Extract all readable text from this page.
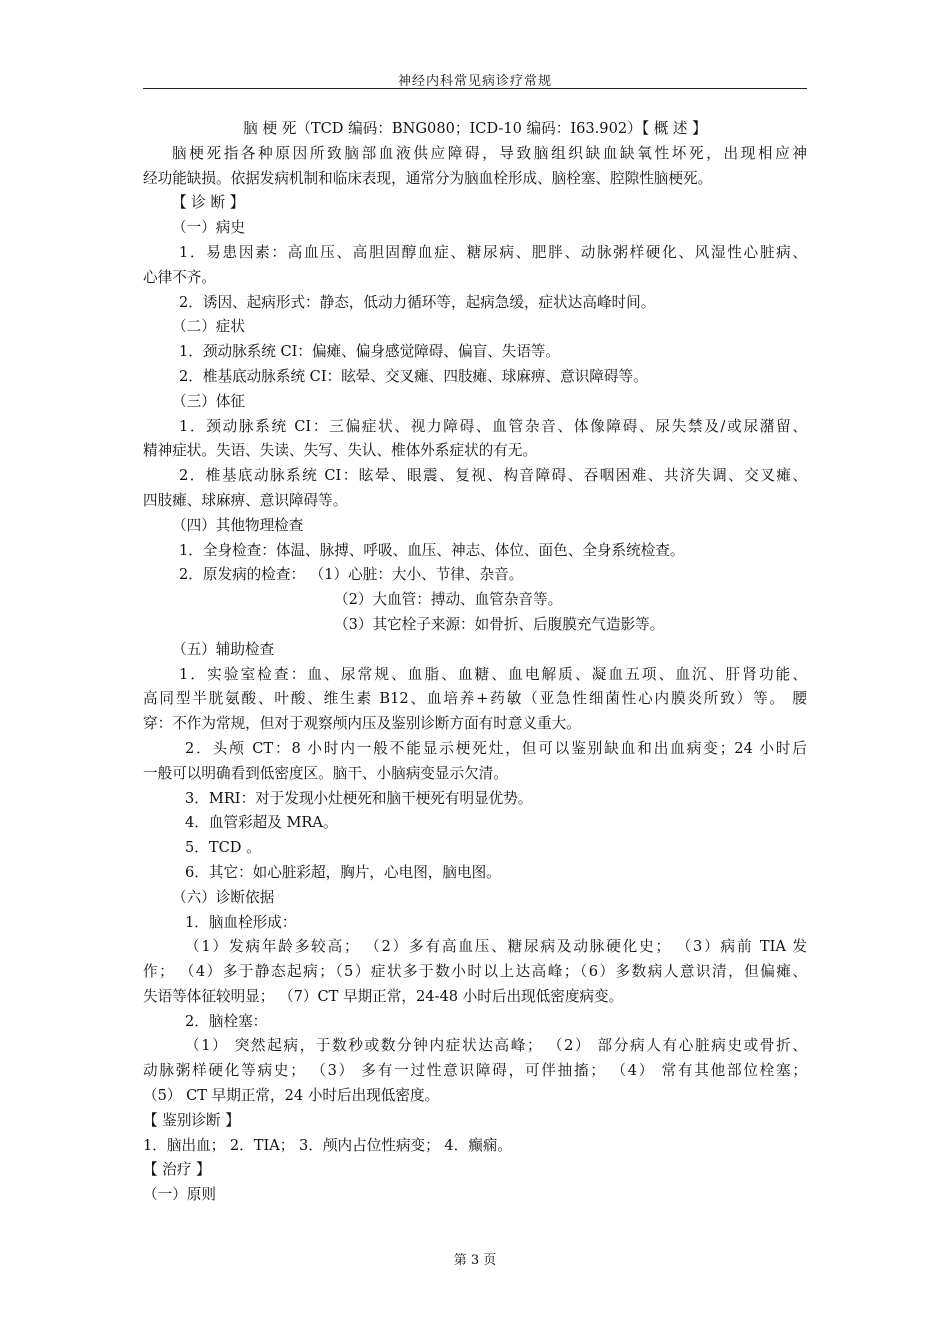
神经内科常见病诊疗常规
脑 梗 死（TCD 编码：BNG080；ICD-10 编码：I63.902）【 概 述 】
脑梗死指各种原因所致脑部血液供应障碍，导致脑组织缺血缺氧性坏死，出现相应神
经功能缺损。依据发病机制和临床表现，通常分为脑血栓形成、脑栓塞、腔隙性脑梗死。
【 诊 断 】
（一）病史
1．易患因素：高血压、高胆固醇血症、糖尿病、肥胖、动脉粥样硬化、风湿性心脏病、
心律不齐。
2．诱因、起病形式：静态，低动力循环等，起病急缓，症状达高峰时间。
（二）症状
1．颈动脉系统 CI：偏瘫、偏身感觉障碍、偏盲、失语等。
2．椎基底动脉系统 CI：眩晕、交叉瘫、四肢瘫、球麻痹、意识障碍等。
（三）体征
1．颈动脉系统 CI：三偏症状、视力障碍、血管杂音、体像障碍、尿失禁及/或尿潴留、
精神症状。失语、失读、失写、失认、椎体外系症状的有无。
2．椎基底动脉系统 CI：眩晕、眼震、复视、构音障碍、吞咽困难、共济失调、交叉瘫、
四肢瘫、球麻痹、意识障碍等。
（四）其他物理检查
1．全身检查：体温、脉搏、呼吸、血压、神志、体位、面色、全身系统检查。
2．原发病的检查： （1）心脏：大小、节律、杂音。
（2）大血管：搏动、血管杂音等。
（3）其它栓子来源：如骨折、后腹膜充气造影等。
（五）辅助检查
1．实验室检查：血、尿常规、血脂、血糖、血电解质、凝血五项、血沉、肝肾功能、
高同型半胱氨酸、叶酸、维生素 B12、血培养+药敏（亚急性细菌性心内膜炎所致）等。 腰
穿：不作为常规，但对于观察颅内压及鉴别诊断方面有时意义重大。
2．头颅 CT：8 小时内一般不能显示梗死灶，但可以鉴别缺血和出血病变；24 小时后
一般可以明确看到低密度区。脑干、小脑病变显示欠清。
3．MRI：对于发现小灶梗死和脑干梗死有明显优势。
4．血管彩超及 MRA。
5．TCD 。
6．其它：如心脏彩超，胸片，心电图，脑电图。
（六）诊断依据
1．脑血栓形成：
（1）发病年龄多较高； （2）多有高血压、糖尿病及动脉硬化史； （3）病前 TIA 发
作； （4）多于静态起病；（5）症状多于数小时以上达高峰；（6）多数病人意识清，但偏瘫、
失语等体征较明显； （7）CT 早期正常，24-48 小时后出现低密度病变。
2．脑栓塞：
（1） 突然起病，于数秒或数分钟内症状达高峰； （2） 部分病人有心脏病史或骨折、
动脉粥样硬化等病史； （3） 多有一过性意识障碍，可伴抽搐； （4） 常有其他部位栓塞；
（5） CT 早期正常，24 小时后出现低密度。
【 鉴别诊断 】
1．脑出血； 2．TIA； 3．颅内占位性病变； 4．癫痫。
【 治疗 】
（一）原则
第 3 页
